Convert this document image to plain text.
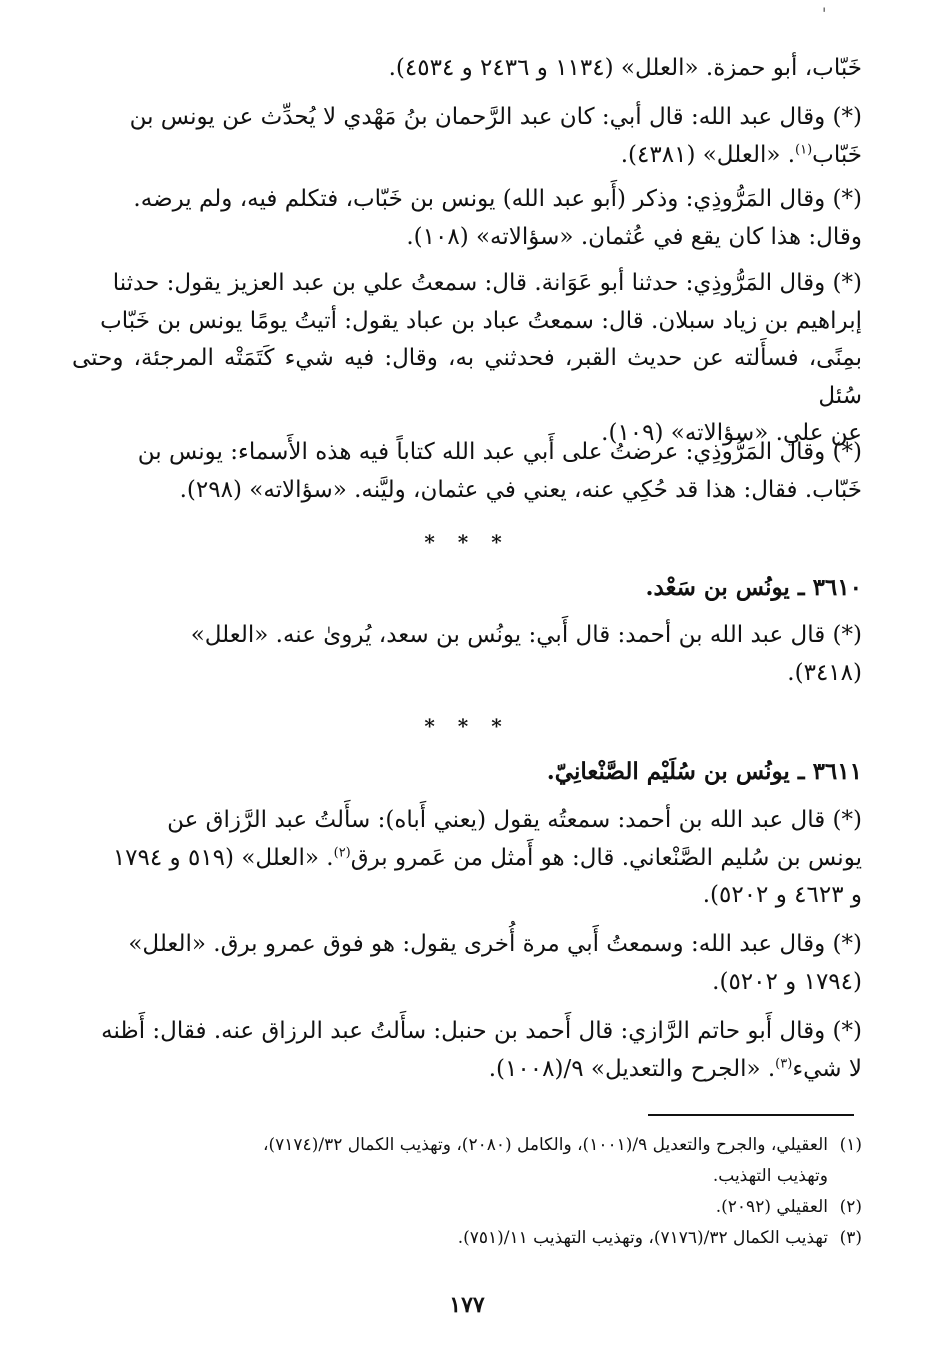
'

خَبّاب، أبو حمزة. «العلل» (١١٣٤ و ٢٤٣٦ و ٤٥٣٤).

(*) وقال عبد الله: قال أبي: كان عبد الرَّحمان بنُ مَهْدي لا يُحدِّث عن يونس بن

خَبّاب$^{(١)}$. «العلل» (٤٣٨١).

(*) وقال المَرُّوذِي: وذكر (أَبو عبد الله) يونس بن خَبّاب، فتكلم فيه، ولم يرضه.

وقال: هذا كان يقع في عُثمان. «سؤالاته» (١٠٨).

(*) وقال المَرُّوذِي: حدثنا أبو عَوَانة. قال: سمعتُ علي بن عبد العزيز يقول: حدثنا

إبراهيم بن زياد سبلان. قال: سمعتُ عباد بن عباد يقول: أتيتُ يومًا يونس بن خَبّاب

بمِنًى، فسأَلته عن حديث القبر، فحدثني به، وقال: فيه شيء كَتَمَتْه المرجئة، وحتى سُئل

عن علي. «سؤالاته» (١٠٩).

(*) وقال المَرُّوذِي: عرضتُ على أَبي عبد الله كتاباً فيه هذه الأَسماء: يونس بن

خَبّاب. فقال: هذا قد حُكِي عنه، يعني في عثمان، وليَّنه. «سؤالاته» (٢٩٨).

* * *
٣٦١٠ ـ يونُس بن سَعْد.

(*) قال عبد الله بن أحمد: قال أَبي: يونُس بن سعد، يُروىٰ عنه. «العلل»

(٣٤١٨).

* * *
٣٦١١ ـ يونُس بن سُلَيْم الصَّنْعانِيّ.

(*) قال عبد الله بن أحمد: سمعتُه يقول (يعني أَباه): سأَلتُ عبد الرَّزاق عن

يونس بن سُليم الصَّنْعاني. قال: هو أَمثل من عَمرو برق$^{(٢)}$. «العلل» (٥١٩ و ١٧٩٤

و ٤٦٢٣ و ٥٢٠٢).

(*) وقال عبد الله: وسمعتُ أَبي مرة أُخرى يقول: هو فوق عمرو برق. «العلل»

(١٧٩٤ و ٥٢٠٢).

(*) وقال أَبو حاتم الرَّازي: قال أَحمد بن حنبل: سأَلتُ عبد الرزاق عنه. فقال: أَظنه

لا شيء$^{(٣)}$. «الجرح والتعديل» ٩/(١٠٠٨).

(١)
العقيلي، والجرح والتعديل ٩/(١٠٠١)، والكامل (٢٠٨٠)، وتهذيب الكمال ٣٢/(٧١٧٤)،
وتهذيب التهذيب.
(٢)
العقيلي (٢٠٩٢).
(٣)
تهذيب الكمال ٣٢/(٧١٧٦)، وتهذيب التهذيب ١١/(٧٥١).
١٧٧
